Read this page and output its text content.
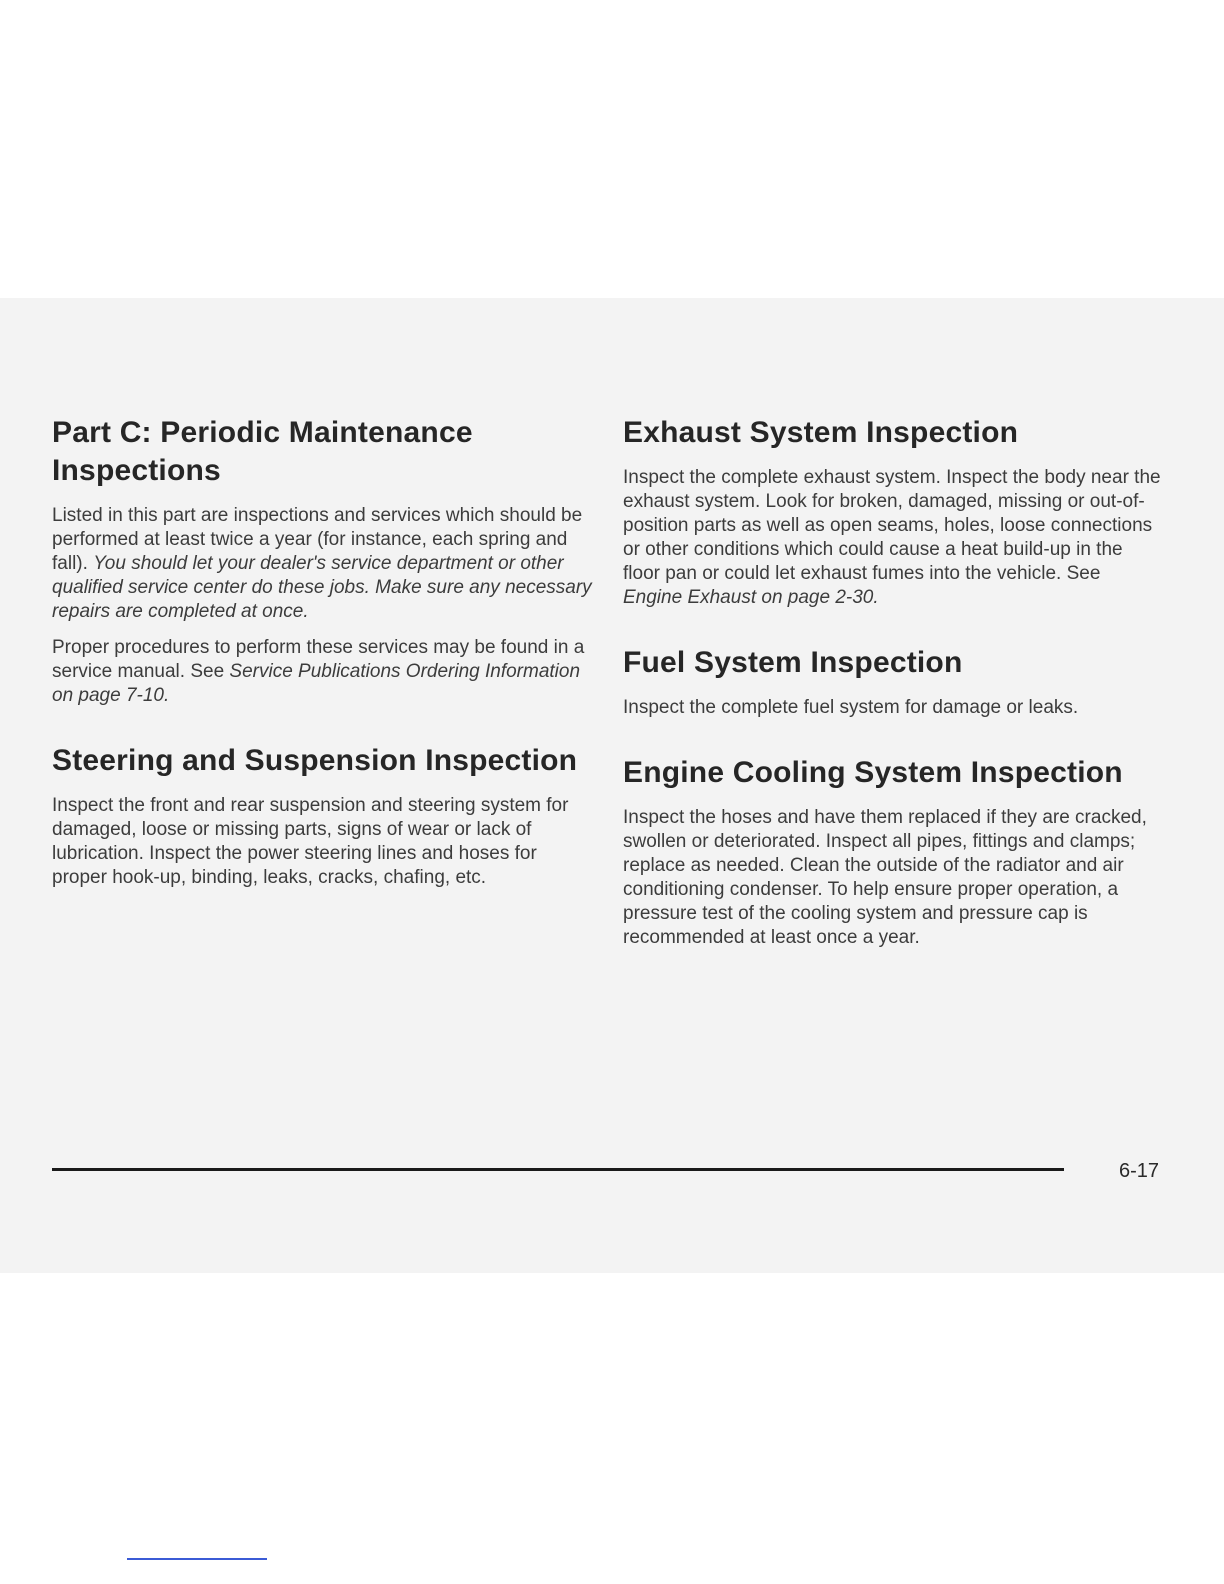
Part C: Periodic Maintenance Inspections

Listed in this part are inspections and services which should be performed at least twice a year (for instance, each spring and fall). You should let your dealer's service department or other qualified service center do these jobs. Make sure any necessary repairs are completed at once.

Proper procedures to perform these services may be found in a service manual. See Service Publications Ordering Information on page 7-10.

Steering and Suspension Inspection

Inspect the front and rear suspension and steering system for damaged, loose or missing parts, signs of wear or lack of lubrication. Inspect the power steering lines and hoses for proper hook-up, binding, leaks, cracks, chafing, etc.

Exhaust System Inspection

Inspect the complete exhaust system. Inspect the body near the exhaust system. Look for broken, damaged, missing or out-of-position parts as well as open seams, holes, loose connections or other conditions which could cause a heat build-up in the floor pan or could let exhaust fumes into the vehicle. See Engine Exhaust on page 2-30.

Fuel System Inspection

Inspect the complete fuel system for damage or leaks.

Engine Cooling System Inspection

Inspect the hoses and have them replaced if they are cracked, swollen or deteriorated. Inspect all pipes, fittings and clamps; replace as needed. Clean the outside of the radiator and air conditioning condenser. To help ensure proper operation, a pressure test of the cooling system and pressure cap is recommended at least once a year.

6-17
